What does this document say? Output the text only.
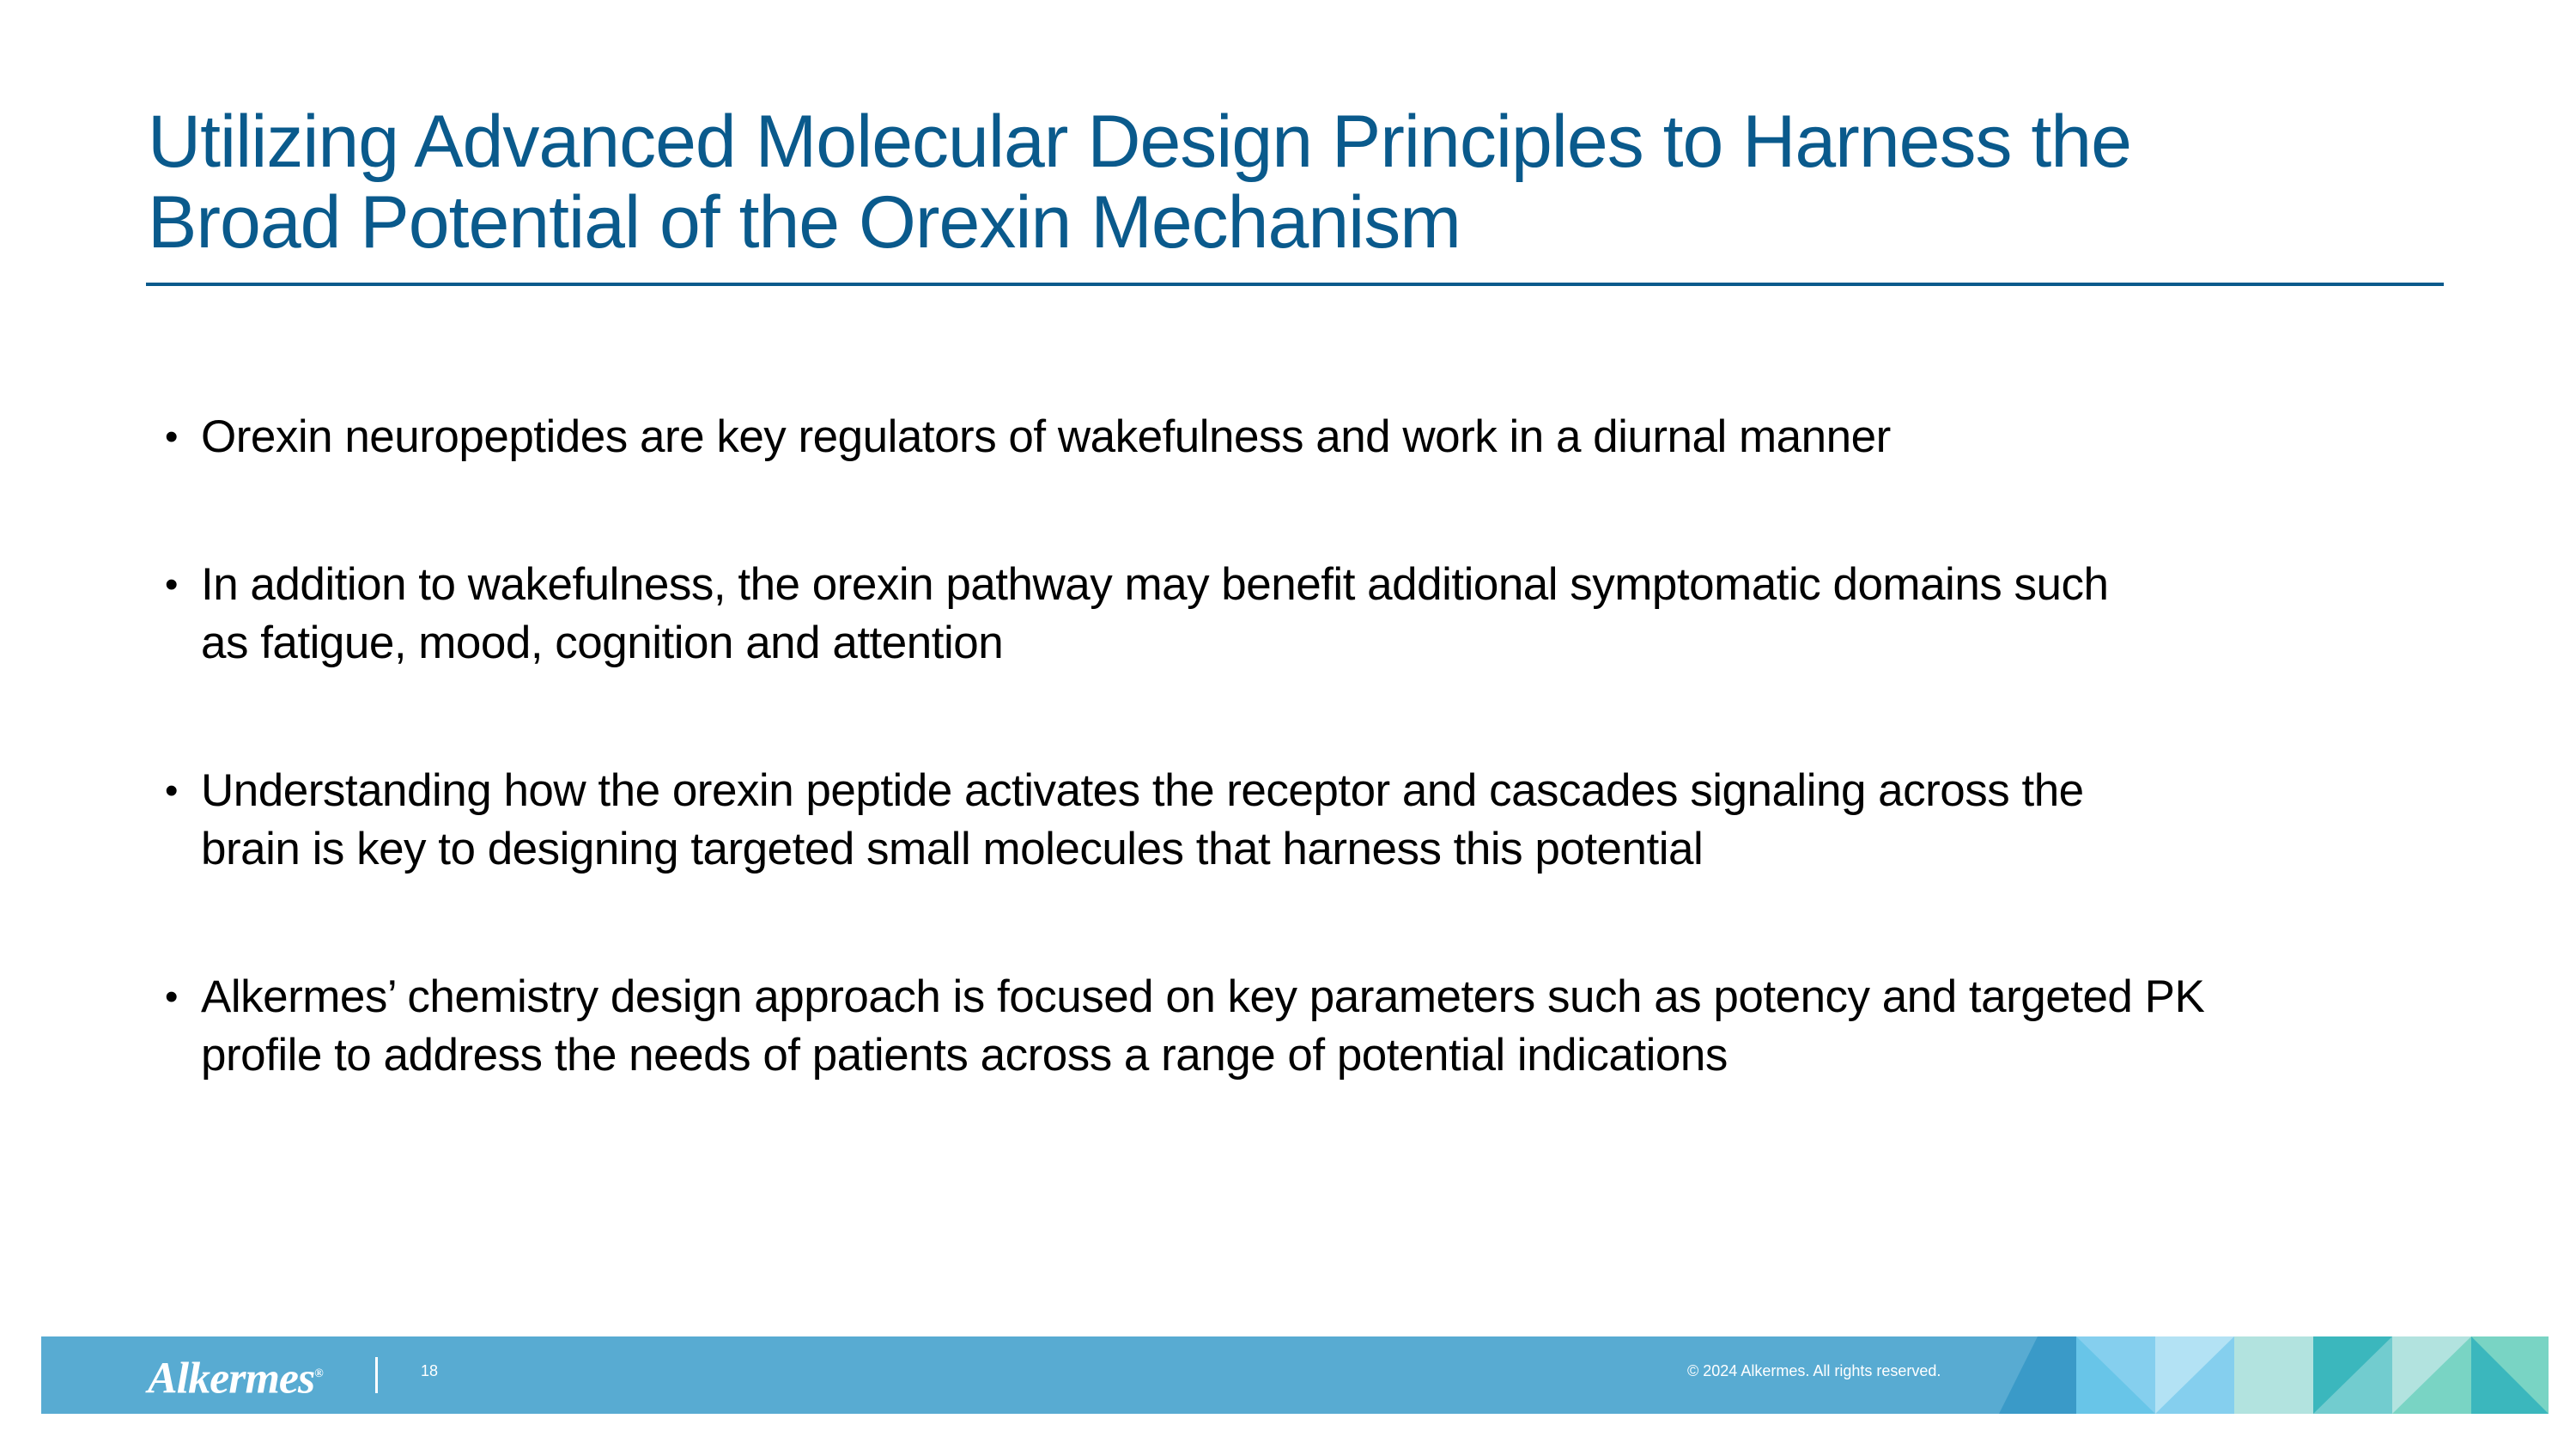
Utilizing Advanced Molecular Design Principles to Harness the
Broad Potential of the Orexin Mechanism
• Orexin neuropeptides are key regulators of wakefulness and work in a diurnal manner
• In addition to wakefulness, the orexin pathway may benefit additional symptomatic domains such
as fatigue, mood, cognition and attention
• Understanding how the orexin peptide activates the receptor and cascades signaling across the
brain is key to designing targeted small molecules that harness this potential
• Alkermes’ chemistry design approach is focused on key parameters such as potency and targeted PK
profile to address the needs of patients across a range of potential indications
Alkermes®	18	© 2024 Alkermes. All rights reserved.
